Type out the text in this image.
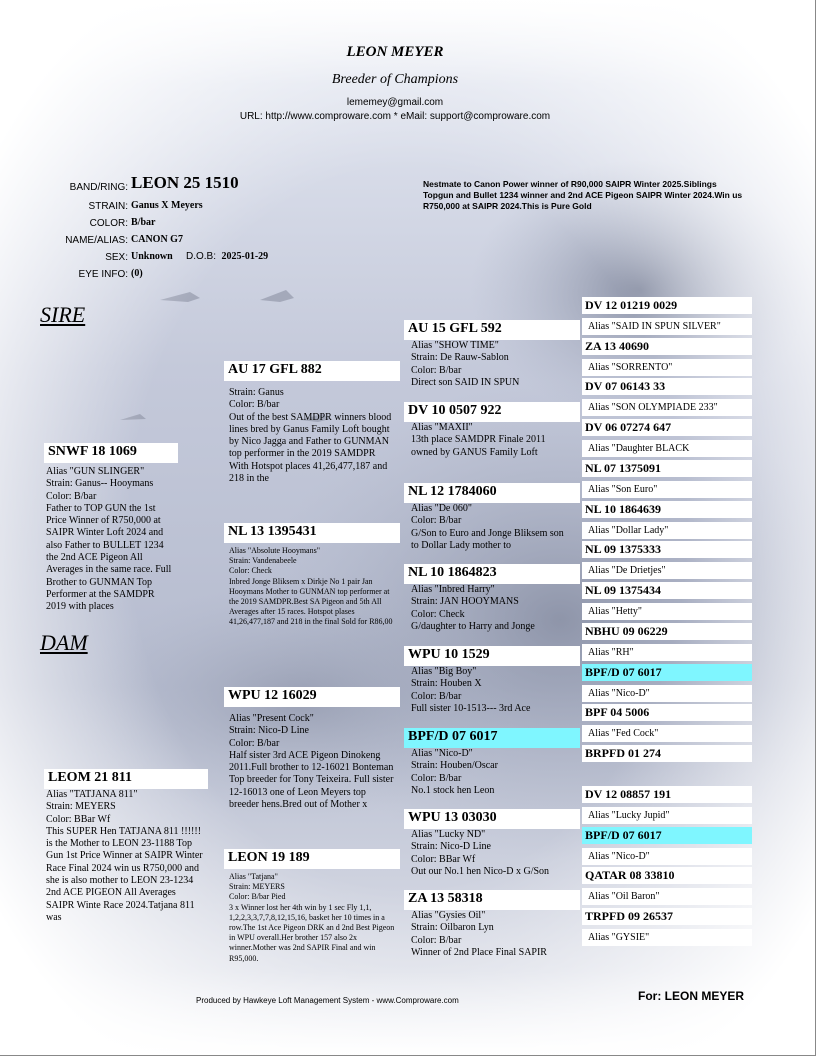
LEON MEYER
Breeder of Champions
lememey@gmail.com
URL: http://www.comproware.com * eMail: support@comproware.com
BAND/RING: LEON 25 1510
STRAIN: Ganus X Meyers
COLOR: B/bar
NAME/ALIAS: CANON G7
SEX: Unknown D.O.B: 2025-01-29
EYE INFO: (0)
Nestmate to Canon Power winner of R90,000 SAIPR Winter 2025.Siblings Topgun and Bullet 1234 winner and 2nd ACE Pigeon SAIPR Winter 2024.Win us R750,000 at SAIPR 2024.This is Pure Gold
SIRE
DAM
SNWF 18 1069
Alias "GUN SLINGER"
Strain: Ganus-- Hooymans
Color: B/bar
Father to TOP GUN the 1st Price Winner of R750,000 at SAIPR Winter Loft 2024 and also Father to BULLET 1234 the 2nd ACE Pigeon All Averages in the same race. Full Brother to GUNMAN Top Performer at the SAMDPR 2019 with places
LEOM 21 811
Alias "TATJANA 811"
Strain: MEYERS
Color: BBar Wf
This SUPER Hen TATJANA 811 !!!!!! is the Mother to LEON 23-1188 Top Gun 1st Price Winner at SAIPR Winter Race Final 2024 win us R750,000 and she is also mother to LEON 23-1234 2nd ACE PIGEON All Averages SAIPR Winte Race 2024.Tatjana 811 was
AU 17 GFL 882
Strain: Ganus
Color: B/bar
Out of the best SAMDPR winners blood lines bred by Ganus Family Loft bought by Nico Jagga and Father to GUNMAN top performer in the 2019 SAMDPR With Hotspot places 41,26,477,187 and 218 in the
NL 13 1395431
Alias "Absolute Hooymans"
Strain: Vandenabeele
Color: Check
Inbred Jonge Bliksem x Dirkje No 1 pair Jan Hooymans Mother to GUNMAN top performer at the 2019 SAMDPR.Best SA Pigeon and 5th All Averages after 15 races. Hotspot plases 41,26,477,187 and 218 in the final Sold for R86,00
WPU 12 16029
Alias "Present Cock"
Strain: Nico-D Line
Color: B/bar
Half sister 3rd ACE Pigeon Dinokeng 2011.Full brother to 12-16021 Bonteman Top breeder for Tony Teixeira. Full sister 12-16013 one of Leon Meyers top breeder hens.Bred out of Mother x
LEON 19 189
Alias "Tatjana"
Strain: MEYERS
Color: B/bar Pied
3 x Winner lost her 4th win by 1 sec Fly 1,1, 1,2,2,3,3,7,7,8,12,15,16, basket her 10 times in a row.The 1st Ace Pigeon DRK an d 2nd Best Pigeon in WPU overall.Her brother 157 also 2x winner.Mother was 2nd SAPIR Final and win R95,000.
AU 15 GFL 592
Alias "SHOW TIME"
Strain: De Rauw-Sablon
Color: B/bar
Direct son SAID IN SPUN
DV 10 0507 922
Alias "MAXII"
13th place SAMDPR Finale 2011 owned by GANUS Family Loft
NL 12 1784060
Alias "De 060"
Color: B/bar
G/Son to Euro and Jonge Bliksem son to Dollar Lady mother to
NL 10 1864823
Alias "Inbred Harry"
Strain: JAN HOOYMANS
Color: Check
G/daughter to Harry and Jonge
WPU 10 1529
Alias "Big Boy"
Strain: Houben X
Color: B/bar
Full sister 10-1513--- 3rd Ace
BPF/D 07 6017
Alias "Nico-D"
Strain: Houben/Oscar
Color: B/bar
No.1 stock hen Leon
WPU 13 03030
Alias "Lucky ND"
Strain: Nico-D Line
Color: BBar Wf
Out our No.1 hen Nico-D x G/Son
ZA 13 58318
Alias "Gysies Oil"
Strain: Oilbaron Lyn
Color: B/bar
Winner of 2nd Place Final SAPIR
DV 12 01219 0029
Alias "SAID IN SPUN SILVER"
ZA 13 40690
Alias "SORRENTO"
DV 07 06143 33
Alias "SON OLYMPIADE 233"
DV 06 07274 647
Alias "Daughter BLACK
NL 07 1375091
Alias "Son Euro"
NL 10 1864639
Alias "Dollar Lady"
NL 09 1375333
Alias "De Drietjes"
NL 09 1375434
Alias "Hetty"
NBHU 09 06229
Alias "RH"
BPF/D 07 6017
Alias "Nico-D"
BPF 04 5006
Alias "Fed Cock"
BRPFD 01 274
DV 12 08857 191
Alias "Lucky Jupid"
BPF/D 07 6017
Alias "Nico-D"
QATAR 08 33810
Alias "Oil Baron"
TRPFD 09 26537
Alias "GYSIE"
Produced by Hawkeye Loft Management System - www.Comproware.com	For: LEON MEYER
